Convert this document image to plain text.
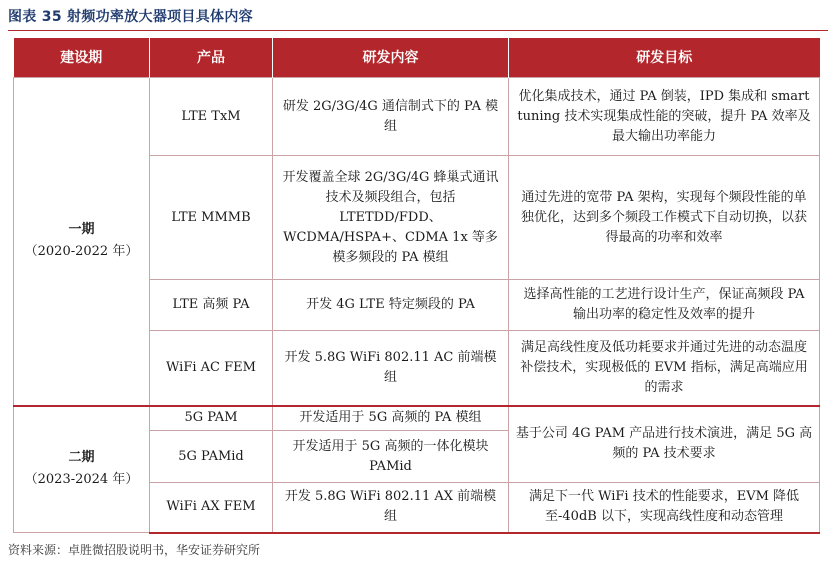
图表 35 射频功率放大器项目具体内容
建设期	产品	研发内容	研发目标

一期
（2020-2022 年）	LTE TxM	研发 2G/3G/4G 通信制式下的 PA 模组	优化集成技术，通过 PA 倒装，IPD 集成和 smart tuning 技术实现集成性能的突破，提升 PA 效率及最大输出功率能力
	LTE MMMB	开发覆盖全球 2G/3G/4G 蜂巢式通讯技术及频段组合，包括 LTETDD/FDD、WCDMA/HSPA+、CDMA 1x 等多模多频段的 PA 模组	通过先进的宽带 PA 架构，实现每个频段性能的单独优化，达到多个频段工作模式下自动切换，以获得最高的功率和效率
	LTE 高频 PA	开发 4G LTE 特定频段的 PA	选择高性能的工艺进行设计生产，保证高频段 PA 输出功率的稳定性及效率的提升
	WiFi AC FEM	开发 5.8G WiFi 802.11 AC 前端模组	满足高线性度及低功耗要求并通过先进的动态温度补偿技术，实现极低的 EVM 指标，满足高端应用的需求

二期
（2023-2024 年）	5G PAM	开发适用于 5G 高频的 PA 模组	基于公司 4G PAM 产品进行技术演进，满足 5G 高频的 PA 技术要求
	5G PAMid	开发适用于 5G 高频的一体化模块 PAMid	
	WiFi AX FEM	开发 5.8G WiFi 802.11 AX 前端模组	满足下一代 WiFi 技术的性能要求，EVM 降低至-40dB 以下，实现高线性度和动态管理
资料来源：卓胜微招股说明书，华安证券研究所
